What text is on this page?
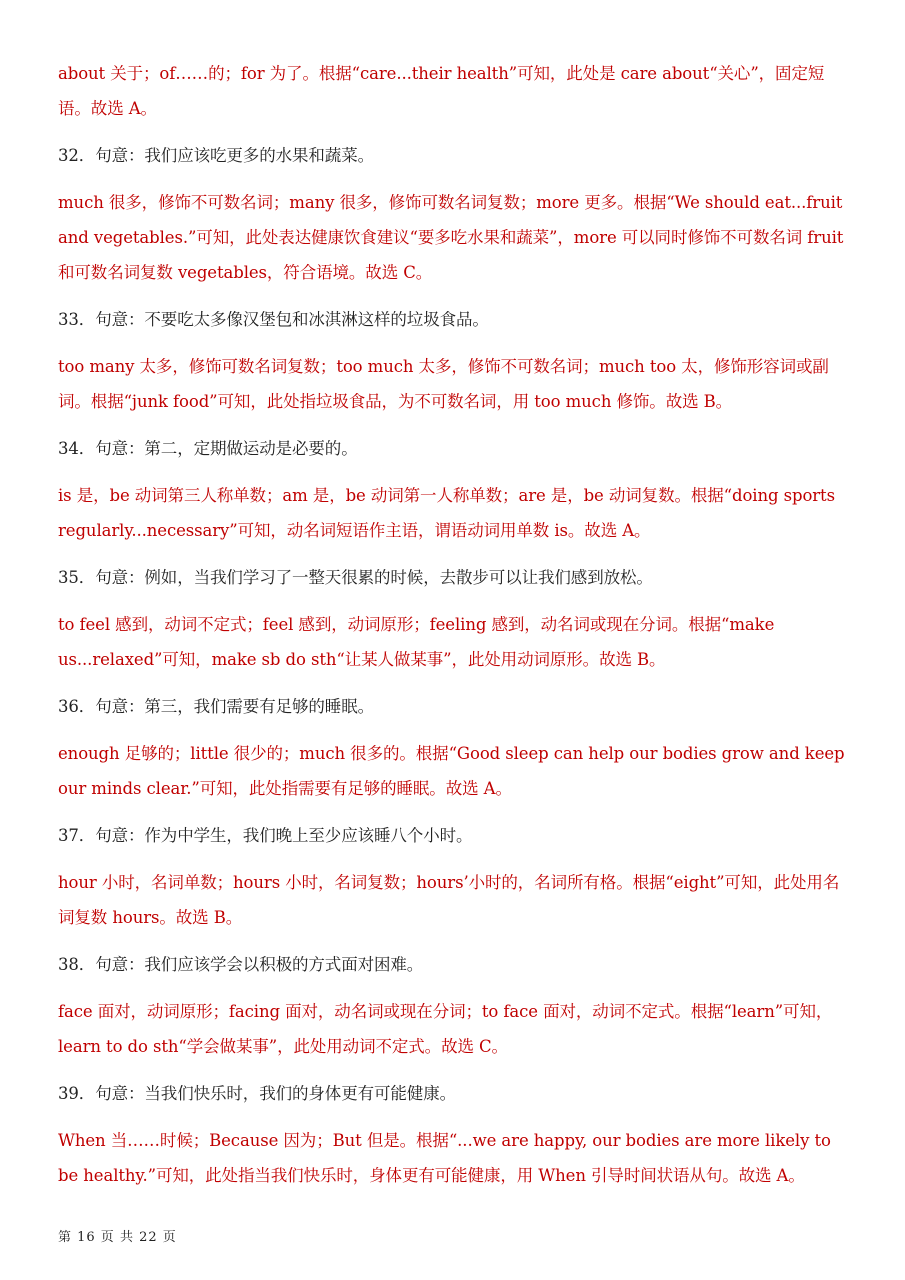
about 关于；of……的；for 为了。根据“care...their health”可知，此处是 care about“关心”，固定短语。故选 A。

32．句意：我们应该吃更多的水果和蔬菜。

much 很多，修饰不可数名词；many 很多，修饰可数名词复数；more 更多。根据“We should eat...fruit and vegetables.”可知，此处表达健康饮食建议“要多吃水果和蔬菜”，more 可以同时修饰不可数名词 fruit 和可数名词复数 vegetables，符合语境。故选 C。

33．句意：不要吃太多像汉堡包和冰淇淋这样的垃圾食品。

too many 太多，修饰可数名词复数；too much 太多，修饰不可数名词；much too 太，修饰形容词或副词。根据“junk food”可知，此处指垃圾食品，为不可数名词，用 too much 修饰。故选 B。

34．句意：第二，定期做运动是必要的。

is 是，be 动词第三人称单数；am 是，be 动词第一人称单数；are 是，be 动词复数。根据“doing sports regularly...necessary”可知，动名词短语作主语，谓语动词用单数 is。故选 A。

35．句意：例如，当我们学习了一整天很累的时候，去散步可以让我们感到放松。

to feel 感到，动词不定式；feel 感到，动词原形；feeling 感到，动名词或现在分词。根据“make us...relaxed”可知，make sb do sth“让某人做某事”，此处用动词原形。故选 B。

36．句意：第三，我们需要有足够的睡眠。

enough 足够的；little 很少的；much 很多的。根据“Good sleep can help our bodies grow and keep our minds clear.”可知，此处指需要有足够的睡眠。故选 A。

37．句意：作为中学生，我们晚上至少应该睡八个小时。

hour 小时，名词单数；hours 小时，名词复数；hours’小时的，名词所有格。根据“eight”可知，此处用名词复数 hours。故选 B。

38．句意：我们应该学会以积极的方式面对困难。

face 面对，动词原形；facing 面对，动名词或现在分词；to face 面对，动词不定式。根据“learn”可知，learn to do sth“学会做某事”，此处用动词不定式。故选 C。

39．句意：当我们快乐时，我们的身体更有可能健康。

When 当……时候；Because 因为；But 但是。根据“...we are happy, our bodies are more likely to be healthy.”可知，此处指当我们快乐时，身体更有可能健康，用 When 引导时间状语从句。故选 A。

第 16 页 共 22 页
